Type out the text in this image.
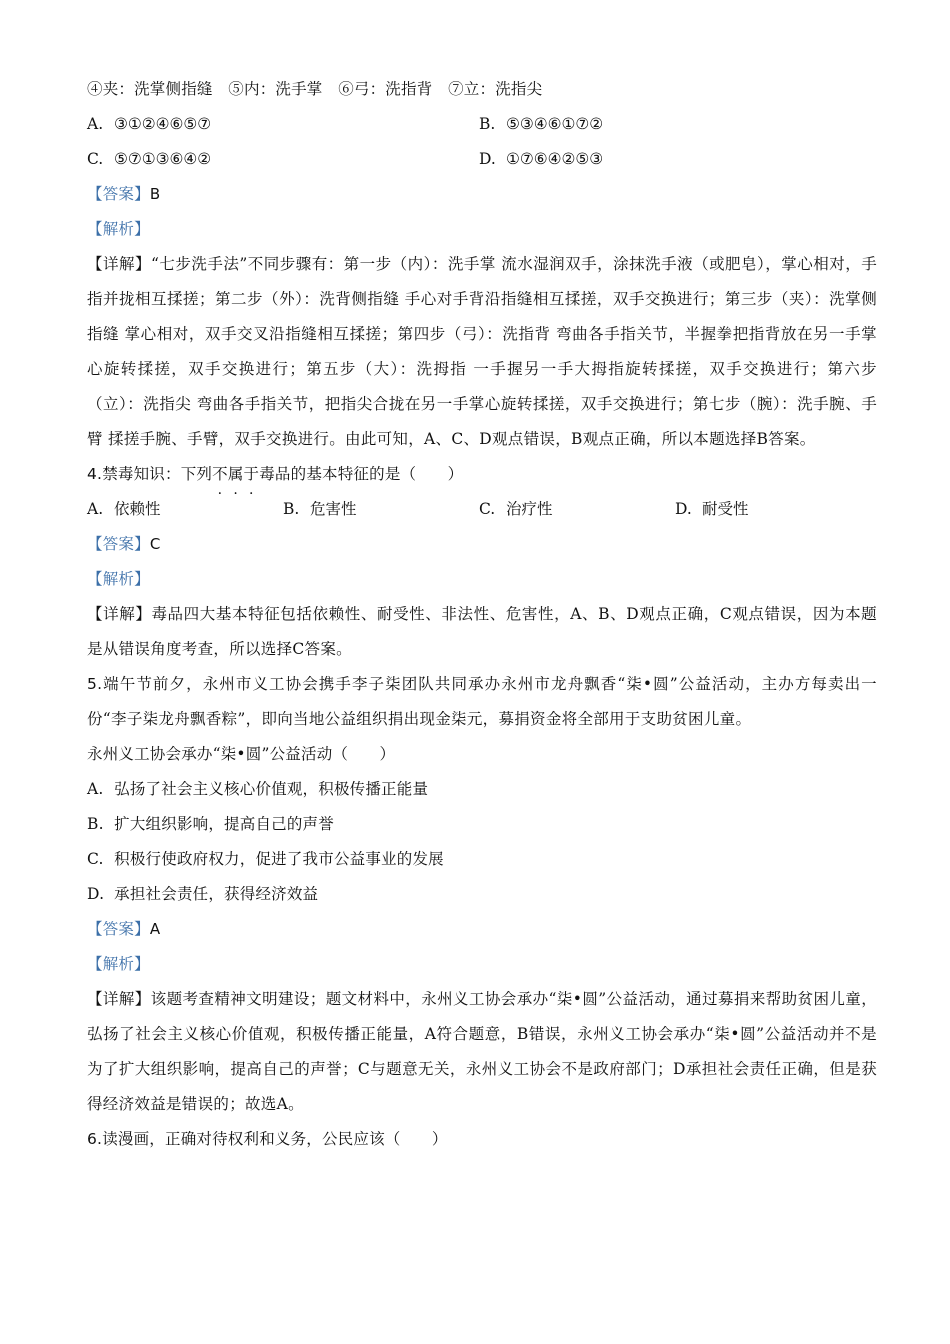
④夹：洗掌侧指缝　⑤内：洗手掌　⑥弓：洗指背　⑦立：洗指尖
A. ③①②④⑥⑤⑦	B. ⑤③④⑥①⑦②
C. ⑤⑦①③⑥④②	D. ①⑦⑥④②⑤③
【答案】B
【解析】
【详解】“七步洗手法”不同步骤有：第一步（内）：洗手掌 流水湿润双手，涂抹洗手液（或肥皂），掌心相对，手指并拢相互揉搓；第二步（外）：洗背侧指缝 手心对手背沿指缝相互揉搓，双手交换进行；第三步（夹）：洗掌侧指缝 掌心相对，双手交叉沿指缝相互揉搓；第四步（弓）：洗指背 弯曲各手指关节，半握拳把指背放在另一手掌心旋转揉搓，双手交换进行；第五步（大）：洗拇指 一手握另一手大拇指旋转揉搓，双手交换进行；第六步（立）：洗指尖 弯曲各手指关节，把指尖合拢在另一手掌心旋转揉搓，双手交换进行；第七步（腕）：洗手腕、手臂 揉搓手腕、手臂，双手交换进行。由此可知，A、C、D观点错误，B观点正确，所以本题选择B答案。
4.禁毒知识：下列不属于毒品的基本特征的是（　　）
A. 依赖性	B. 危害性	C. 治疗性	D. 耐受性
【答案】C
【解析】
【详解】毒品四大基本特征包括依赖性、耐受性、非法性、危害性，A、B、D观点正确，C观点错误，因为本题是从错误角度考查，所以选择C答案。
5.端午节前夕，永州市义工协会携手李子柒团队共同承办永州市龙舟飘香“柒•圆”公益活动，主办方每卖出一份“李子柒龙舟飘香粽”，即向当地公益组织捐出现金柒元，募捐资金将全部用于支助贫困儿童。
永州义工协会承办“柒•圆”公益活动（　　）
A. 弘扬了社会主义核心价值观，积极传播正能量
B. 扩大组织影响，提高自己的声誉
C. 积极行使政府权力，促进了我市公益事业的发展
D. 承担社会责任，获得经济效益
【答案】A
【解析】
【详解】该题考查精神文明建设；题文材料中，永州义工协会承办“柒•圆”公益活动，通过募捐来帮助贫困儿童，弘扬了社会主义核心价值观，积极传播正能量，A符合题意，B错误，永州义工协会承办“柒•圆”公益活动并不是为了扩大组织影响，提高自己的声誉；C与题意无关，永州义工协会不是政府部门；D承担社会责任正确，但是获得经济效益是错误的；故选A。
6.读漫画，正确对待权利和义务，公民应该（　　）
